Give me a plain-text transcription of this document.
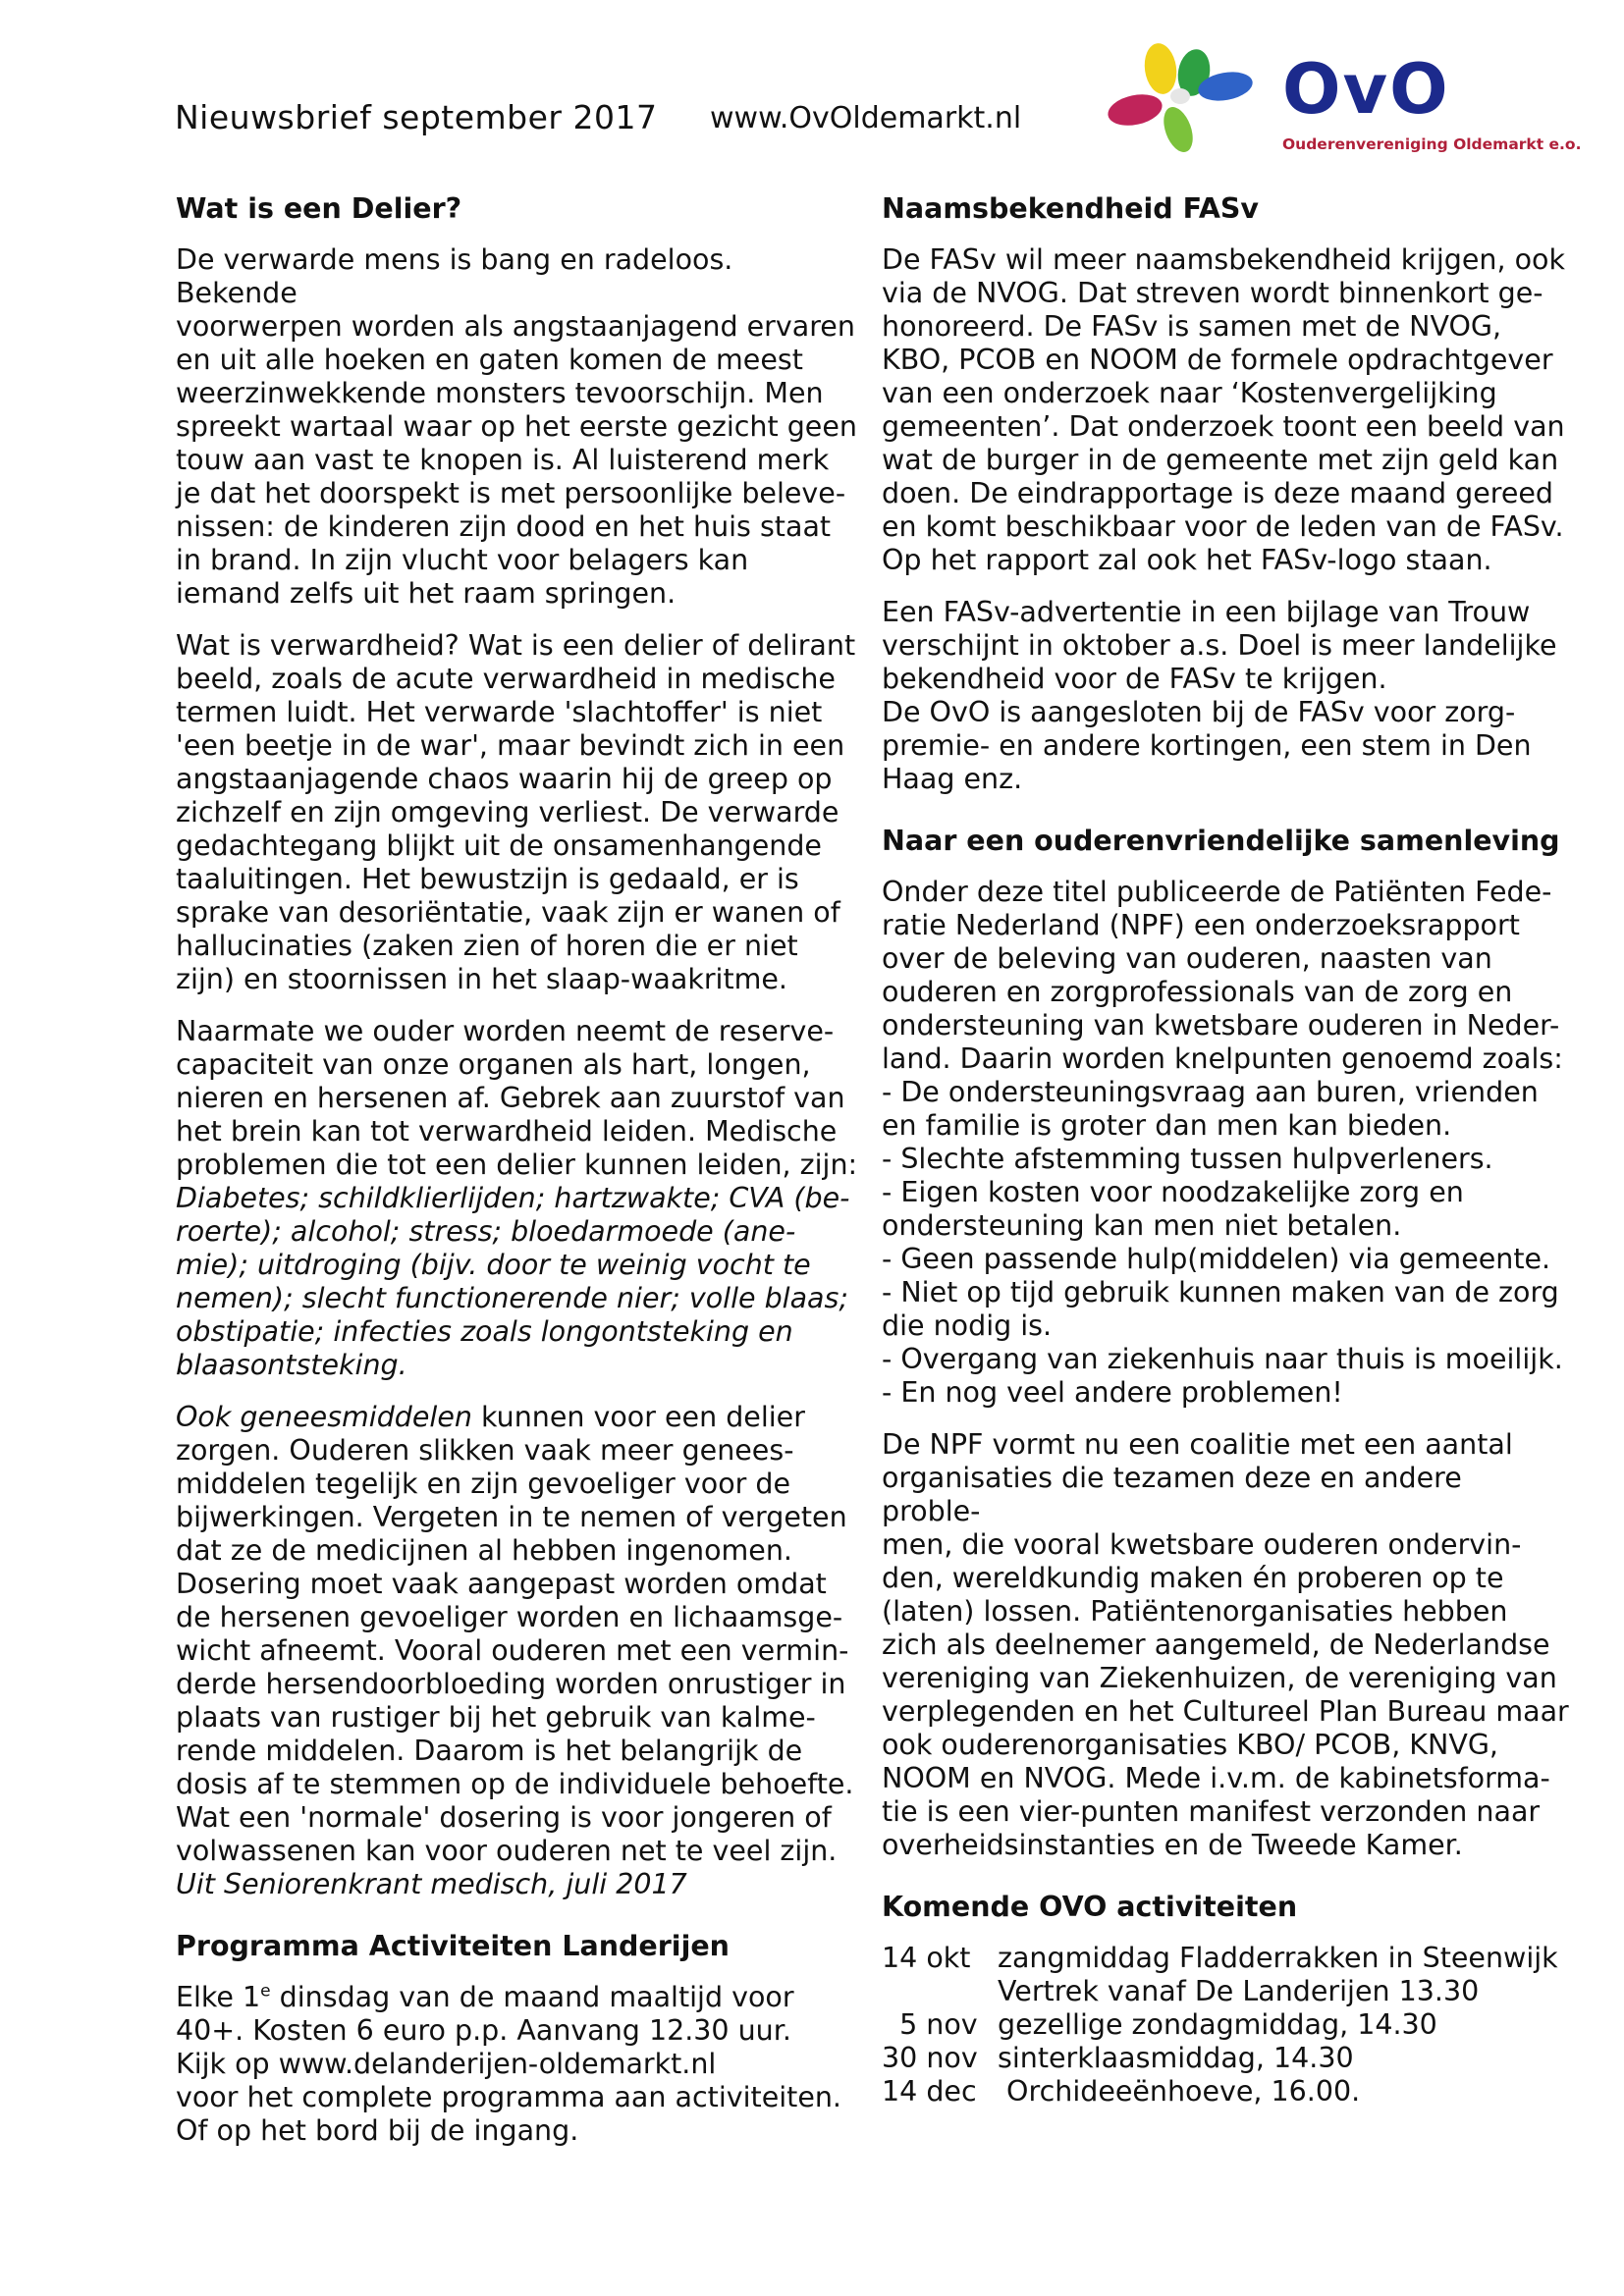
Nieuwsbrief september 2017 www.OvOldemarkt.nl	OvO
Ouderenvereniging Oldemarkt e.o.
Wat is een Delier?

De verwarde mens is bang en radeloos. Bekende
voorwerpen worden als angstaanjagend ervaren
en uit alle hoeken en gaten komen de meest
weerzinwekkende monsters tevoorschijn. Men
spreekt wartaal waar op het eerste gezicht geen
touw aan vast te knopen is. Al luisterend merk
je dat het doorspekt is met persoonlijke beleve-
nissen: de kinderen zijn dood en het huis staat
in brand. In zijn vlucht voor belagers kan
iemand zelfs uit het raam springen.

Wat is verwardheid? Wat is een delier of delirant
beeld, zoals de acute verwardheid in medische
termen luidt. Het verwarde 'slachtoffer' is niet
'een beetje in de war', maar bevindt zich in een
angstaanjagende chaos waarin hij de greep op
zichzelf en zijn omgeving verliest. De verwarde
gedachtegang blijkt uit de onsamenhangende
taaluitingen. Het bewustzijn is gedaald, er is
sprake van desoriëntatie, vaak zijn er wanen of
hallucinaties (zaken zien of horen die er niet
zijn) en stoornissen in het slaap-waakritme.

Naarmate we ouder worden neemt de reserve-
capaciteit van onze organen als hart, longen,
nieren en hersenen af. Gebrek aan zuurstof van
het brein kan tot verwardheid leiden. Medische
problemen die tot een delier kunnen leiden, zijn:
Diabetes; schildklierlijden; hartzwakte; CVA (be-
roerte); alcohol; stress; bloedarmoede (ane-
mie); uitdroging (bijv. door te weinig vocht te
nemen); slecht functionerende nier; volle blaas;
obstipatie; infecties zoals longontsteking en
blaasontsteking.

Ook geneesmiddelen kunnen voor een delier
zorgen. Ouderen slikken vaak meer genees-
middelen tegelijk en zijn gevoeliger voor de
bijwerkingen. Vergeten in te nemen of vergeten
dat ze de medicijnen al hebben ingenomen.
Dosering moet vaak aangepast worden omdat
de hersenen gevoeliger worden en lichaamsge-
wicht afneemt. Vooral ouderen met een vermin-
derde hersendoorbloeding worden onrustiger in
plaats van rustiger bij het gebruik van kalme-
rende middelen. Daarom is het belangrijk de
dosis af te stemmen op de individuele behoefte.
Wat een 'normale' dosering is voor jongeren of
volwassenen kan voor ouderen net te veel zijn.
Uit Seniorenkrant medisch, juli 2017

Programma Activiteiten Landerijen

Elke 1e dinsdag van de maand maaltijd voor
40+. Kosten 6 euro p.p. Aanvang 12.30 uur.
Kijk op www.delanderijen-oldemarkt.nl
voor het complete programma aan activiteiten.
Of op het bord bij de ingang.

Naamsbekendheid FASv

De FASv wil meer naamsbekendheid krijgen, ook
via de NVOG. Dat streven wordt binnenkort ge-
honoreerd. De FASv is samen met de NVOG,
KBO, PCOB en NOOM de formele opdrachtgever
van een onderzoek naar ‘Kostenvergelijking
gemeenten’. Dat onderzoek toont een beeld van
wat de burger in de gemeente met zijn geld kan
doen. De eindrapportage is deze maand gereed
en komt beschikbaar voor de leden van de FASv.
Op het rapport zal ook het FASv-logo staan.

Een FASv-advertentie in een bijlage van Trouw
verschijnt in oktober a.s. Doel is meer landelijke
bekendheid voor de FASv te krijgen.
De OvO is aangesloten bij de FASv voor zorg-
premie- en andere kortingen, een stem in Den
Haag enz.

Naar een ouderenvriendelijke samenleving

Onder deze titel publiceerde de Patiënten Fede-
ratie Nederland (NPF) een onderzoeksrapport
over de beleving van ouderen, naasten van
ouderen en zorgprofessionals van de zorg en
ondersteuning van kwetsbare ouderen in Neder-
land. Daarin worden knelpunten genoemd zoals:
- De ondersteuningsvraag aan buren, vrienden
en familie is groter dan men kan bieden.
- Slechte afstemming tussen hulpverleners.
- Eigen kosten voor noodzakelijke zorg en
ondersteuning kan men niet betalen.
- Geen passende hulp(middelen) via gemeente.
- Niet op tijd gebruik kunnen maken van de zorg
die nodig is.
- Overgang van ziekenhuis naar thuis is moeilijk.
- En nog veel andere problemen!

De NPF vormt nu een coalitie met een aantal
organisaties die tezamen deze en andere proble-
men, die vooral kwetsbare ouderen ondervin-
den, wereldkundig maken én proberen op te
(laten) lossen. Patiëntenorganisaties hebben
zich als deelnemer aangemeld, de Nederlandse
vereniging van Ziekenhuizen, de vereniging van
verplegenden en het Cultureel Plan Bureau maar
ook ouderenorganisaties KBO/ PCOB, KNVG,
NOOM en NVOG. Mede i.v.m. de kabinetsforma-
tie is een vier-punten manifest verzonden naar
overheidsinstanties en de Tweede Kamer.

Komende OVO activiteiten
14 okt zangmiddag Fladderrakken in Steenwijk
Vertrek vanaf De Landerijen 13.30
5 nov gezellige zondagmiddag, 14.30
30 nov sinterklaasmiddag, 14.30
14 dec Orchideeënhoeve, 16.00.
